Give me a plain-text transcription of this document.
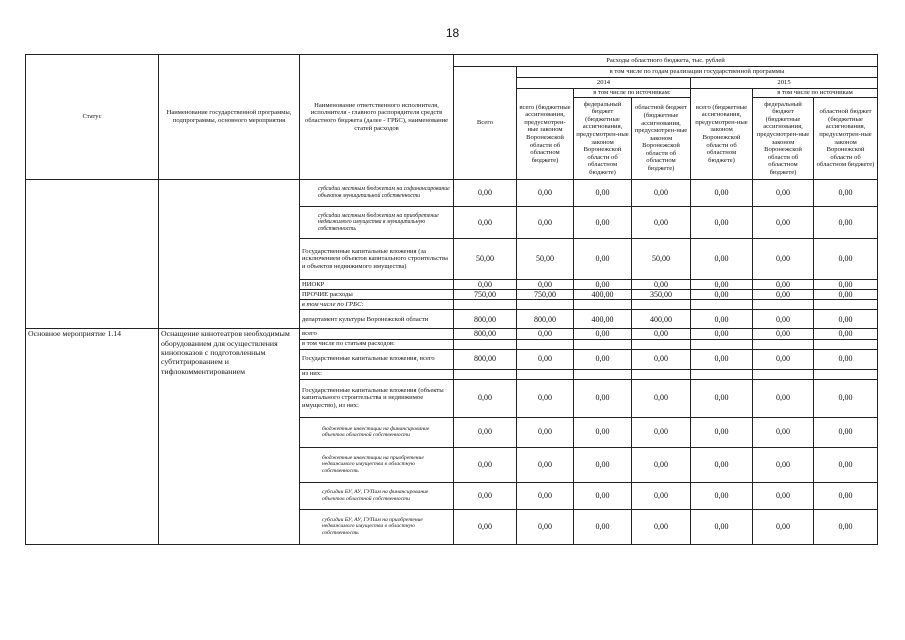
18
Статус	Наименование государственной программы, подпрограммы, основного мероприятия	Наименование ответственного исполнителя, исполнителя - главного распорядителя средств областного бюджета (далее - ГРБС), наименование статей расходов	Расходы областного бюджета, тыс. рублей						
			Всего	в том числе по годам реализации государственной программы					
				2014			2015		
				всего (бюджетные ассигнования, предусмотрен-ные законом Воронежской области об областном бюджете)	в том числе по источникам:		всего (бюджетные ассигнования, предусмотрен-ные законом Воронежской области об областном бюджете)	в том числе по источникам	
					федеральный бюджет (бюджетные ассигнования, предусмотрен-ные законом Воронежской области об областном бюджете)	областной бюджет (бюджетные ассигнования, предусмотрен-ные законом Воронежской области об областном бюджете)		федеральный бюджет (бюджетные ассигнования, предусмотрен-ные законом Воронежской области об областном бюджете)	областной бюджет (бюджетные ассигнования, предусмотрен-ные законом Воронежской области об областном бюджете)

		субсидии местным бюджетам на софинансирование объектов муниципальной собственности	0,00	0,00	0,00	0,00	0,00	0,00	0,00
		субсидии местным бюджетам на приобретение недвижимого имущества в муниципальную собственность	0,00	0,00	0,00	0,00	0,00	0,00	0,00
		Государственные капитальные вложения (за исключением объектов капитального строительства и объектов недвижимого имущества)	50,00	50,00	0,00	50,00	0,00	0,00	0,00
		НИОКР	0,00	0,00	0,00	0,00	0,00	0,00	0,00
		ПРОЧИЕ расходы	750,00	750,00	400,00	350,00	0,00	0,00	0,00
		в том числе по ГРБС:							
		департамент культуры Воронежской области	800,00	800,00	400,00	400,00	0,00	0,00	0,00
Основное мероприятие 1.14	Оснащение кинотеатров необходимым оборудованием для осуществления кинопоказов с подготовленным субтитрированием и тифлокомментированием	всего	800,00	0,00	0,00	0,00	0,00	0,00	0,00
		в том числе по статьям расходов:							
		Государственные капитальные вложения, всего	800,00	0,00	0,00	0,00	0,00	0,00	0,00
		из них:							
		Государственные капитальные вложения (объекты капитального строительства и недвижимое имущество), из них:	0,00	0,00	0,00	0,00	0,00	0,00	0,00
		бюджетные инвестиции на финансирование объектов областной собственности	0,00	0,00	0,00	0,00	0,00	0,00	0,00
		бюджетные инвестиции на приобретение недвижимого имущества в областную собственность	0,00	0,00	0,00	0,00	0,00	0,00	0,00
		субсидии БУ, АУ, ГУПам на финансирование объектов областной собственности	0,00	0,00	0,00	0,00	0,00	0,00	0,00
		субсидии БУ, АУ, ГУПам на приобретение недвижимого имущества в областную собственность	0,00	0,00	0,00	0,00	0,00	0,00	0,00
